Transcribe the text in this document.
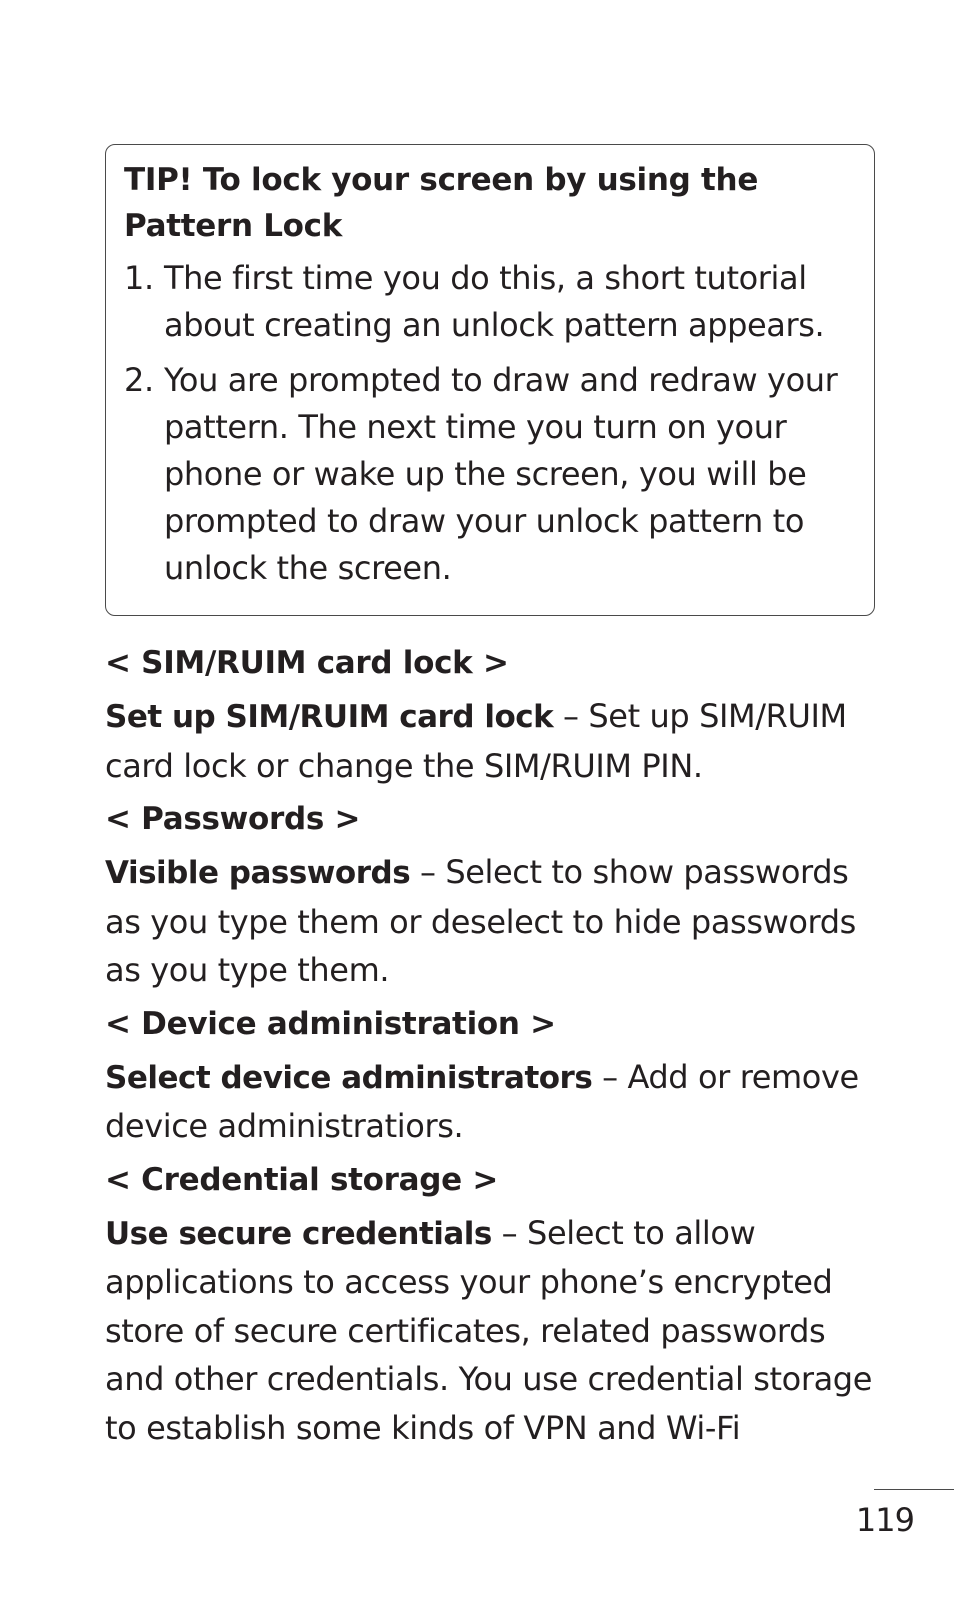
TIP! To lock your screen by using the Pattern Lock

1. The first time you do this, a short tutorial about creating an unlock pattern appears.
2. You are prompted to draw and redraw your pattern. The next time you turn on your phone or wake up the screen, you will be prompted to draw your unlock pattern to unlock the screen.

< SIM/RUIM card lock >

Set up SIM/RUIM card lock – Set up SIM/RUIM card lock or change the SIM/RUIM PIN.

< Passwords >

Visible passwords – Select to show passwords as you type them or deselect to hide passwords as you type them.

< Device administration >

Select device administrators – Add or remove device administratiors.

< Credential storage >

Use secure credentials – Select to allow applications to access your phone’s encrypted store of secure certificates, related passwords and other credentials. You use credential storage to establish some kinds of VPN and Wi-Fi

119
